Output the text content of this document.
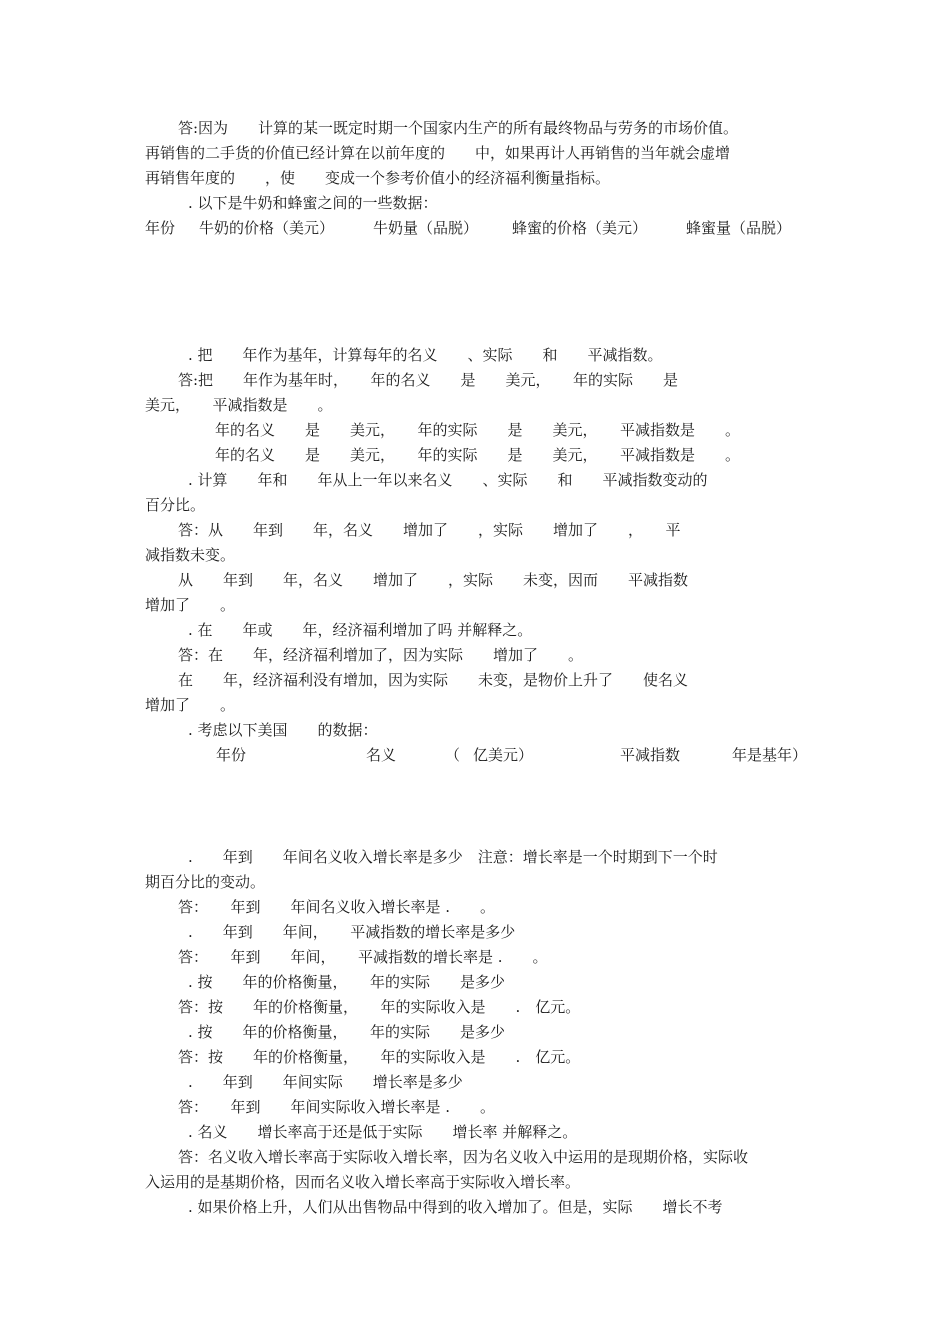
答:因为　　计算的某一既定时期一个国家内生产的所有最终物品与劳务的市场价值。
再销售的二手货的价值已经计算在以前年度的　　中，如果再计人再销售的当年就会虚增
再销售年度的　　，使　　变成一个参考价值小的经济福利衡量指标。
. 以下是牛奶和蜂蜜之间的一些数据：
年份 牛奶的价格（美元）	牛奶量（品脱） 蜂蜜的价格（美元）	蜂蜜量（品脱）
. 把　　年作为基年，计算每年的名义　　、实际　　和　　平减指数。
答:把　　年作为基年时，　　年的名义　　是　　美元，　　年的实际　　是
美元，　　平减指数是　　。
年的名义　　是　　美元，　　年的实际　　是　　美元，　　平减指数是　　。
年的名义　　是　　美元，　　年的实际　　是　　美元，　　平减指数是　　。
. 计算　　年和　　年从上一年以来名义　　、实际　　和　　平减指数变动的
百分比。
答：从　　年到　　年，名义　　增加了　　，实际　　增加了　　，　　平
减指数未变。
从　　年到　　年，名义　　增加了　　，实际　　未变，因而　　平减指数
增加了　　。
. 在　　年或　　年，经济福利增加了吗 并解释之。
答：在　　年，经济福利增加了，因为实际　　增加了　　。
在　　年，经济福利没有增加，因为实际　　未变，是物价上升了　　使名义
增加了　　。
. 考虑以下美国　　的数据：
年份	名义	（ 亿美元）	平减指数	年是基年）
.　　年到　　年间名义收入增长率是多少　注意：增长率是一个时期到下一个时
期百分比的变动。
答：　　年到　　年间名义收入增长率是 .　　。
.　　年到　　年间，　　平减指数的增长率是多少
答：　　年到　　年间，　　平减指数的增长率是 .　　。
. 按　　年的价格衡量，　　年的实际　　是多少
答：按　　年的价格衡量，　　年的实际收入是　　.　亿元。
. 按　　年的价格衡量，　　年的实际　　是多少
答：按　　年的价格衡量，　　年的实际收入是　　.　亿元。
.　　年到　　年间实际　　增长率是多少
答：　　年到　　年间实际收入增长率是 .　　。
. 名义　　增长率高于还是低于实际　　增长率 并解释之。
答：名义收入增长率高于实际收入增长率，因为名义收入中运用的是现期价格，实际收
入运用的是基期价格，因而名义收入增长率高于实际收入增长率。
. 如果价格上升，人们从出售物品中得到的收入增加了。但是，实际　　增长不考
